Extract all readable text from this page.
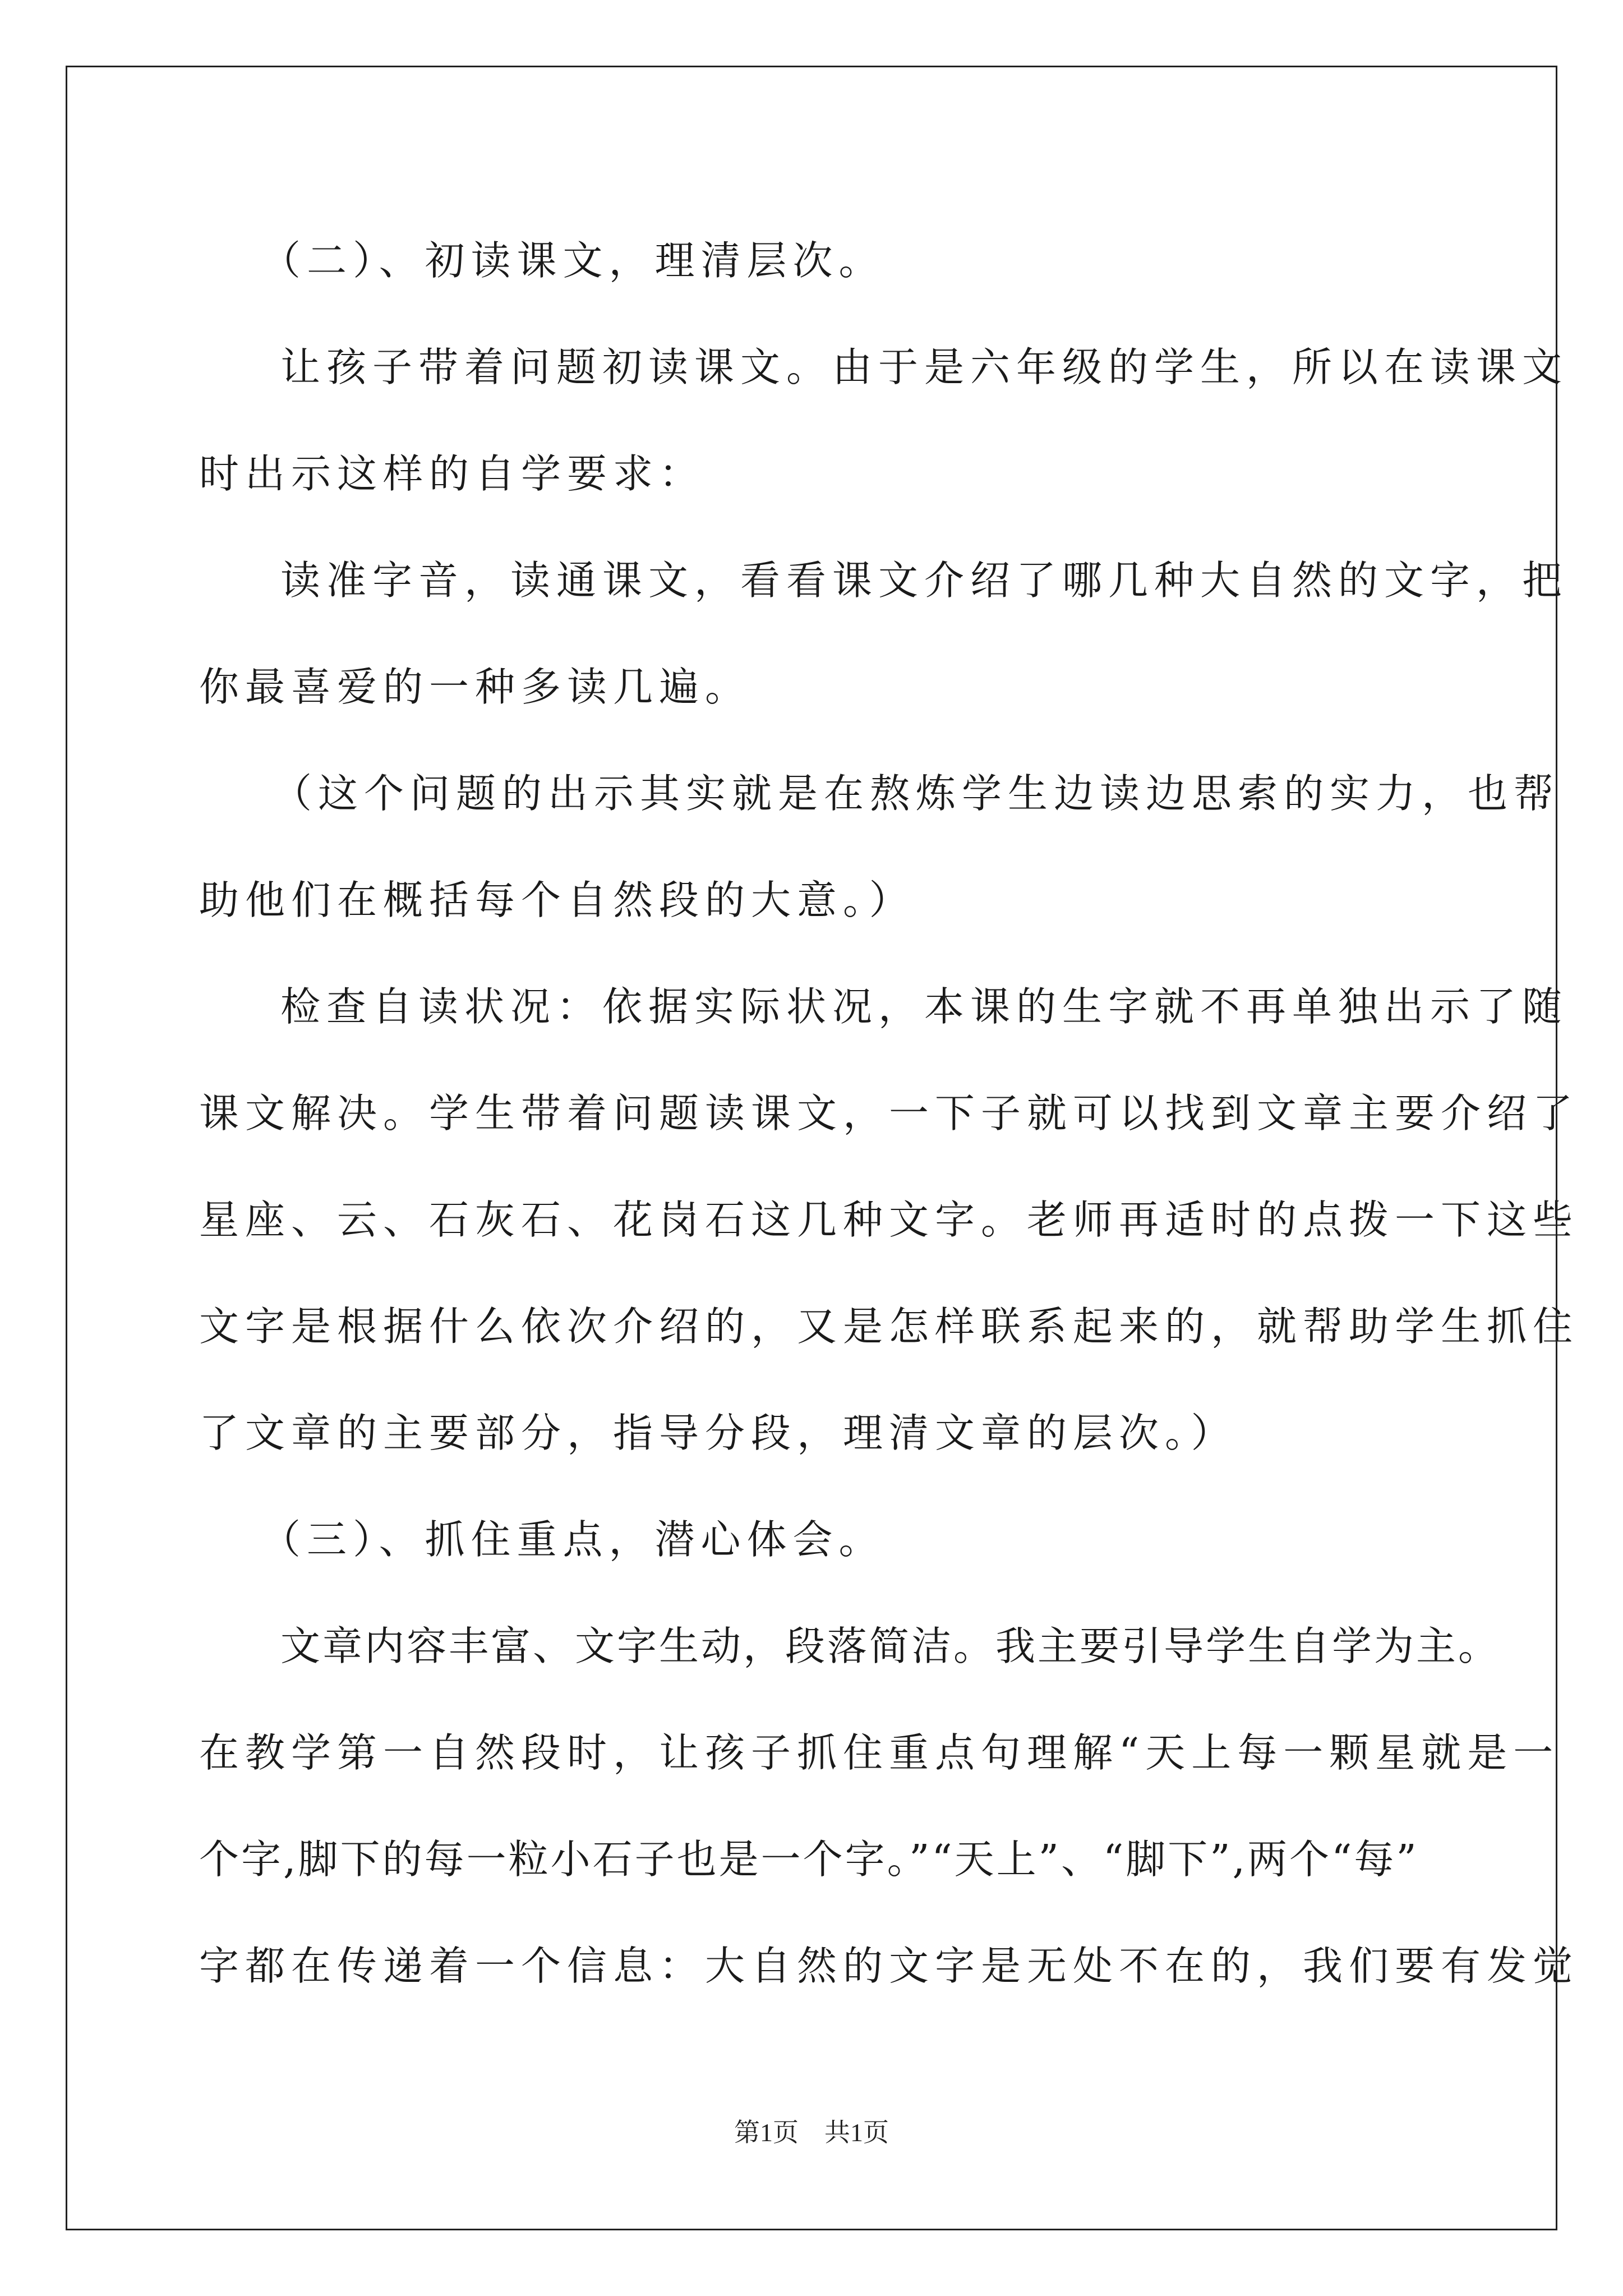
（二）、初读课文，理清层次。
让孩子带着问题初读课文。由于是六年级的学生，所以在读课文
时出示这样的自学要求：
读准字音，读通课文，看看课文介绍了哪几种大自然的文字，把
你最喜爱的一种多读几遍。
（这个问题的出示其实就是在熬炼学生边读边思索的实力，也帮
助他们在概括每个自然段的大意。）
检查自读状况：依据实际状况，本课的生字就不再单独出示了随
课文解决。学生带着问题读课文，一下子就可以找到文章主要介绍了
星座、云、石灰石、花岗石这几种文字。老师再适时的点拨一下这些
文字是根据什么依次介绍的，又是怎样联系起来的，就帮助学生抓住
了文章的主要部分，指导分段，理清文章的层次。）
（三）、抓住重点，潜心体会。
文章内容丰富、文字生动，段落简洁。我主要引导学生自学为主。
在教学第一自然段时，让孩子抓住重点句理解“天上每一颗星就是一
个字,脚下的每一粒小石子也是一个字。”“天上”、“脚下”,两个“每”
字都在传递着一个信息：大自然的文字是无处不在的，我们要有发觉
第1页　共1页
